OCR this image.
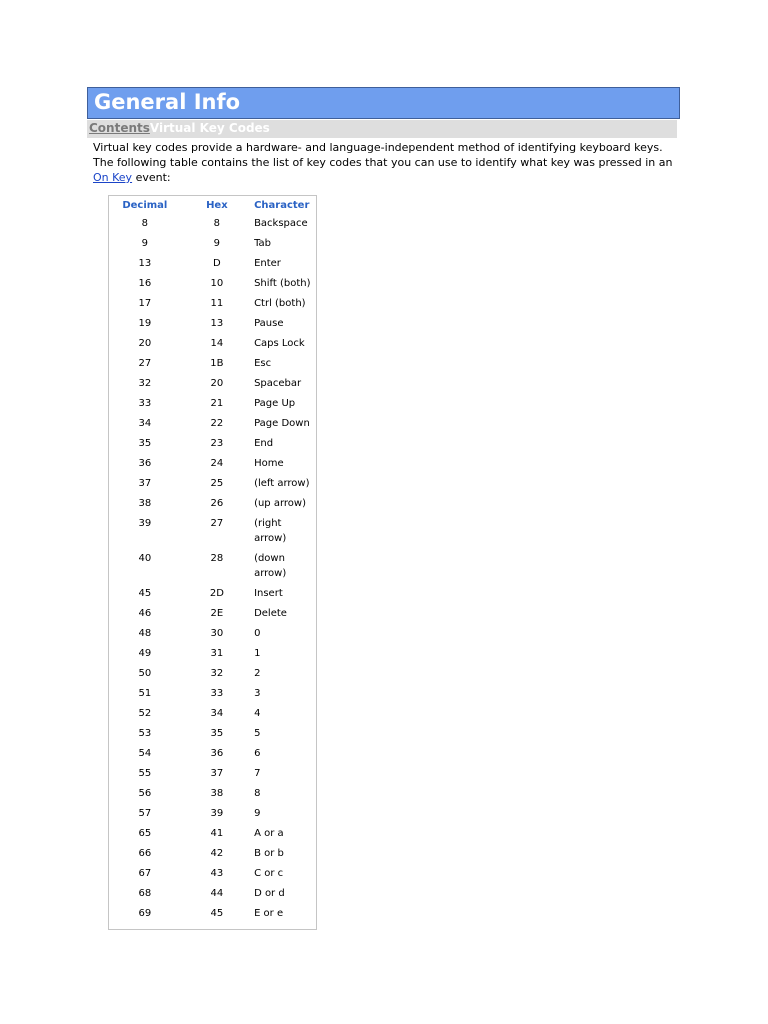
General Info
ContentsVirtual Key Codes

Virtual key codes provide a hardware- and language-independent method of identifying keyboard keys. The following table contains the list of key codes that you can use to identify what key was pressed in an On Key event:

Decimal	Hex	Character
8	8	Backspace
9	9	Tab
13	D	Enter
16	10	Shift (both)
17	11	Ctrl (both)
19	13	Pause
20	14	Caps Lock
27	1B	Esc
32	20	Spacebar
33	21	Page Up
34	22	Page Down
35	23	End
36	24	Home
37	25	(left arrow)
38	26	(up arrow)
39	27	(right arrow)
40	28	(down arrow)
45	2D	Insert
46	2E	Delete
48	30	0
49	31	1
50	32	2
51	33	3
52	34	4
53	35	5
54	36	6
55	37	7
56	38	8
57	39	9
65	41	A or a
66	42	B or b
67	43	C or c
68	44	D or d
69	45	E or e
